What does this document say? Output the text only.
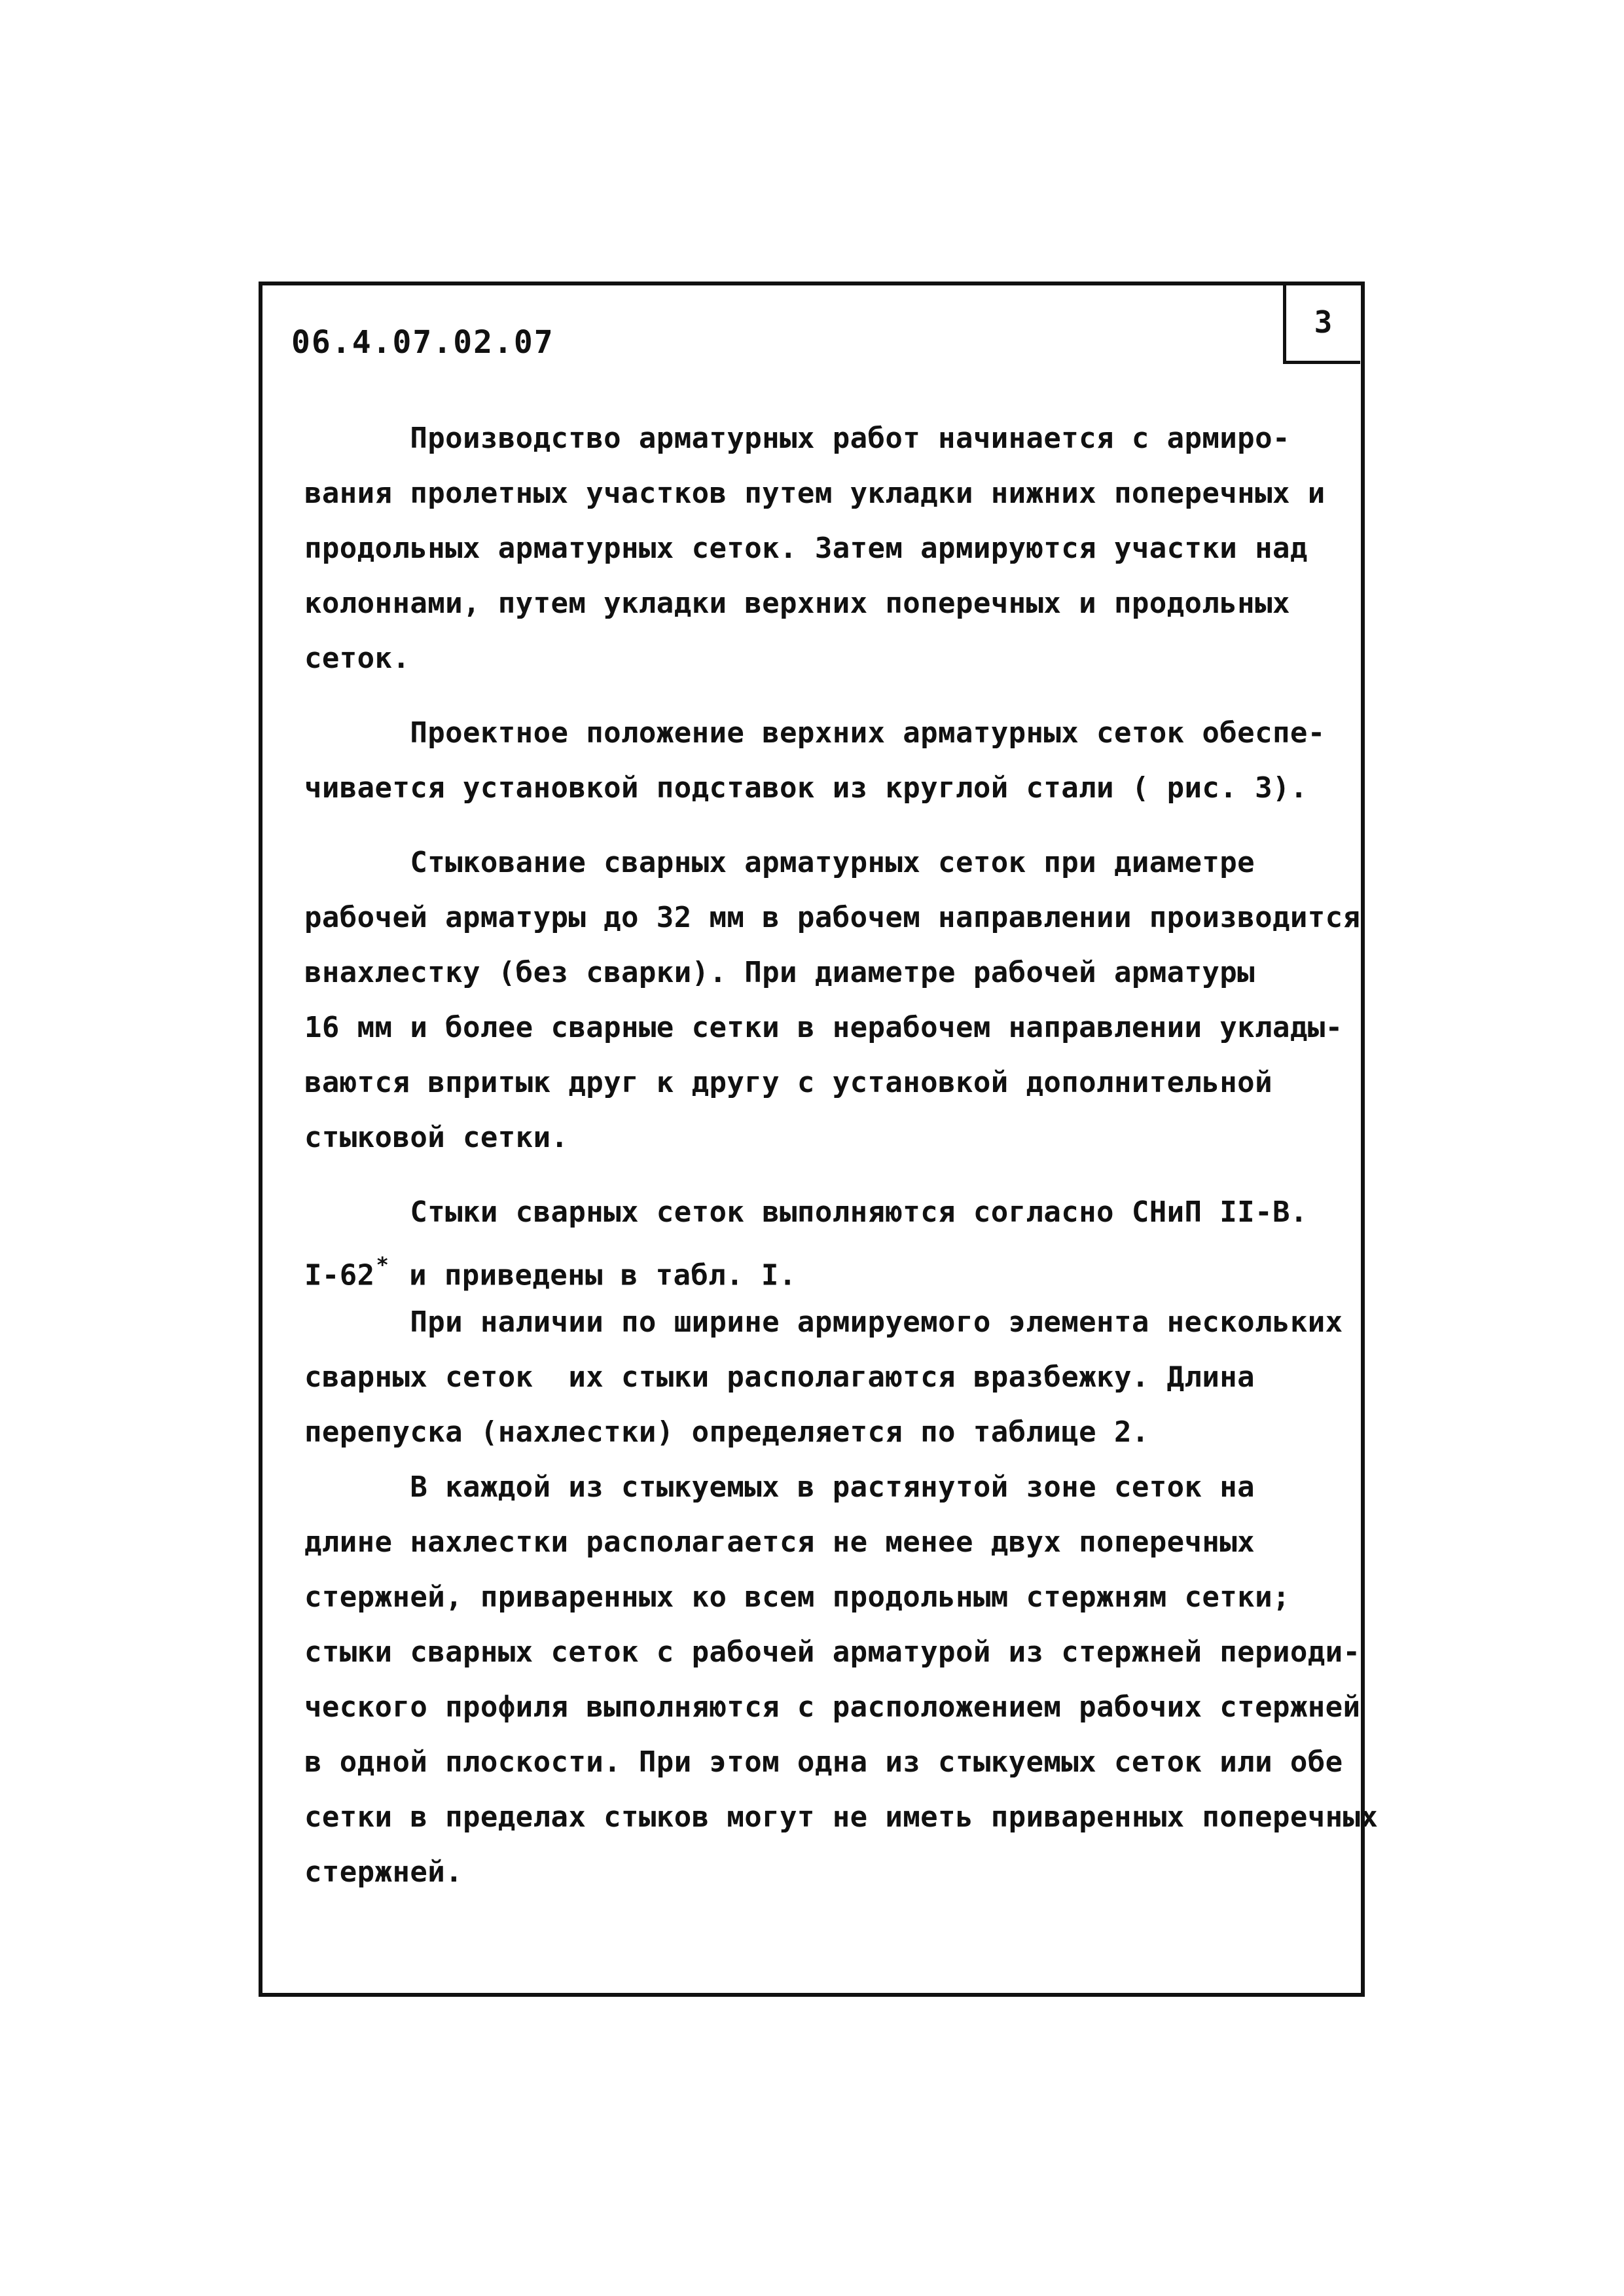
3
06.4.07.02.07
Производство арматурных работ начинается с армиро-
вания пролетных участков путем укладки нижних поперечных и
продольных арматурных сеток. Затем армируются участки над
колоннами, путем укладки верхних поперечных и продольных
сеток.
Проектное положение верхних арматурных сеток обеспе-
чивается установкой подставок из круглой стали ( рис. 3).
Стыкование сварных арматурных сеток при диаметре
рабочей арматуры до 32 мм в рабочем направлении производится
внахлестку (без сварки). При диаметре рабочей арматуры
16 мм и более сварные сетки в нерабочем направлении уклады-
ваются впритык друг к другу с установкой дополнительной
стыковой сетки.
Стыки сварных сеток выполняются согласно СНиП II-В.
I-62* и приведены в табл. I.
При наличии по ширине армируемого элемента нескольких
сварных сеток  их стыки располагаются вразбежку. Длина
перепуска (нахлестки) определяется по таблице 2.
В каждой из стыкуемых в растянутой зоне сеток на
длине нахлестки располагается не менее двух поперечных
стержней, приваренных ко всем продольным стержням сетки;
стыки сварных сеток с рабочей арматурой из стержней периоди-
ческого профиля выполняются с расположением рабочих стержней
в одной плоскости. При этом одна из стыкуемых сеток или обе
сетки в пределах стыков могут не иметь приваренных поперечных
стержней.
